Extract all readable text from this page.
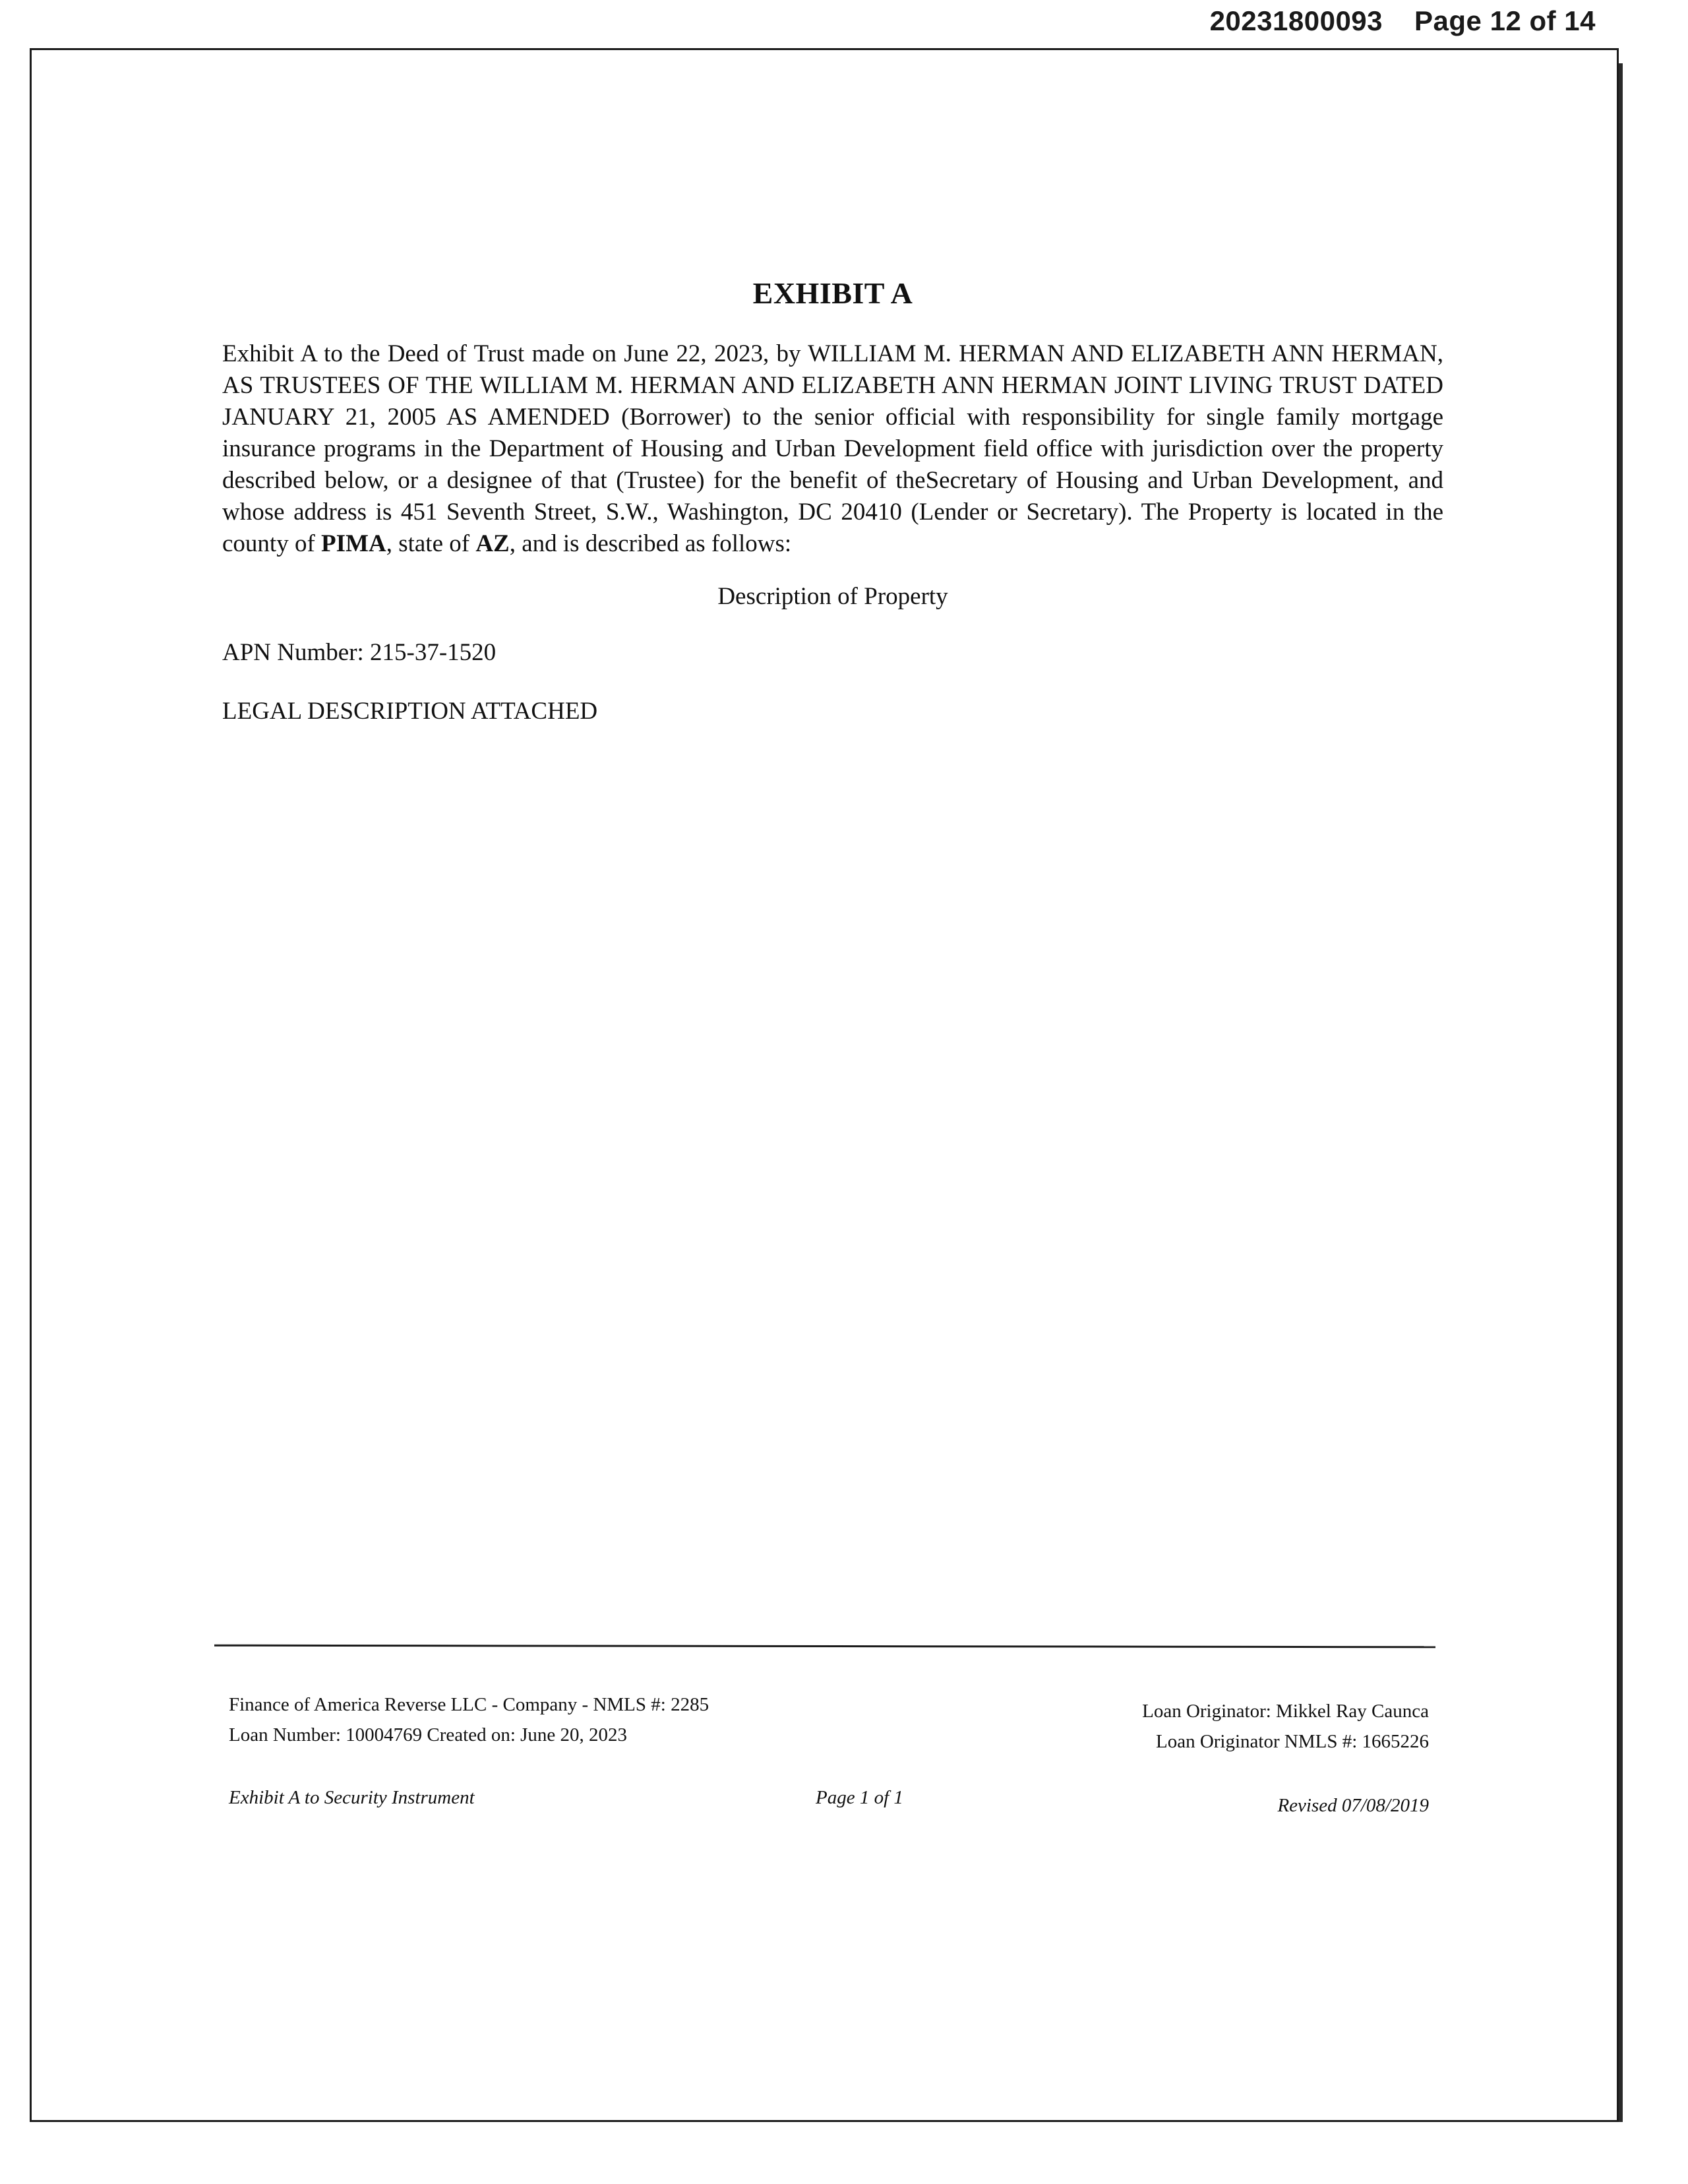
20231800093 Page 12 of 14
EXHIBIT A

Exhibit A to the Deed of Trust made on June 22, 2023, by WILLIAM M. HERMAN AND ELIZABETH ANN HERMAN, AS TRUSTEES OF THE WILLIAM M. HERMAN AND ELIZABETH ANN HERMAN JOINT LIVING TRUST DATED JANUARY 21, 2005 AS AMENDED (Borrower) to the senior official with responsibility for single family mortgage insurance programs in the Department of Housing and Urban Development field office with jurisdiction over the property described below, or a designee of that (Trustee) for the benefit of theSecretary of Housing and Urban Development, and whose address is 451 Seventh Street, S.W., Washington, DC 20410 (Lender or Secretary). The Property is located in the county of PIMA, state of AZ, and is described as follows:

Description of Property
APN Number: 215-37-1520
LEGAL DESCRIPTION ATTACHED
Finance of America Reverse LLC - Company - NMLS #: 2285
Loan Number: 10004769 Created on: June 20, 2023
Loan Originator: Mikkel Ray Caunca
Loan Originator NMLS #: 1665226
Exhibit A to Security Instrument	Page 1 of 1	Revised 07/08/2019
